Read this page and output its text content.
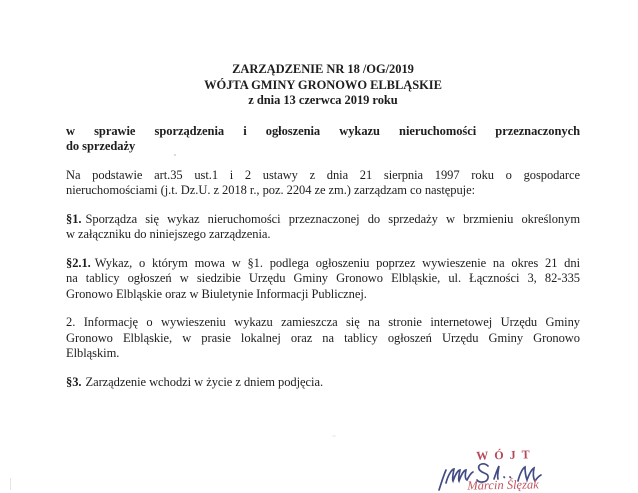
ZARZĄDZENIE NR 18 /OG/2019
WÓJTA GMINY GRONOWO ELBLĄSKIE
z dnia 13 czerwca 2019 roku
w sprawie sporządzenia i ogłoszenia wykazu nieruchomości przeznaczonych
do sprzedaży
Na podstawie art.35 ust.1 i 2 ustawy z dnia 21 sierpnia 1997 roku o gospodarce
nieruchomościami (j.t. Dz.U. z 2018 r., poz. 2204 ze zm.) zarządzam co następuje:
§1. Sporządza się wykaz nieruchomości przeznaczonej do sprzedaży w brzmieniu określonym
w załączniku do niniejszego zarządzenia.
§2.1. Wykaz, o którym mowa w §1. podlega ogłoszeniu poprzez wywieszenie na okres 21 dni
na tablicy ogłoszeń w siedzibie Urzędu Gminy Gronowo Elbląskie, ul. Łączności 3, 82-335
Gronowo Elbląskie oraz w Biuletynie Informacji Publicznej.
2. Informację o wywieszeniu wykazu zamieszcza się na stronie internetowej Urzędu Gminy
Gronowo Elbląskie, w prasie lokalnej oraz na tablicy ogłoszeń Urzędu Gminy Gronowo
Elbląskim.
§3. Zarządzenie wchodzi w życie z dniem podjęcia.
WÓJT
Marcin Ślęzak
